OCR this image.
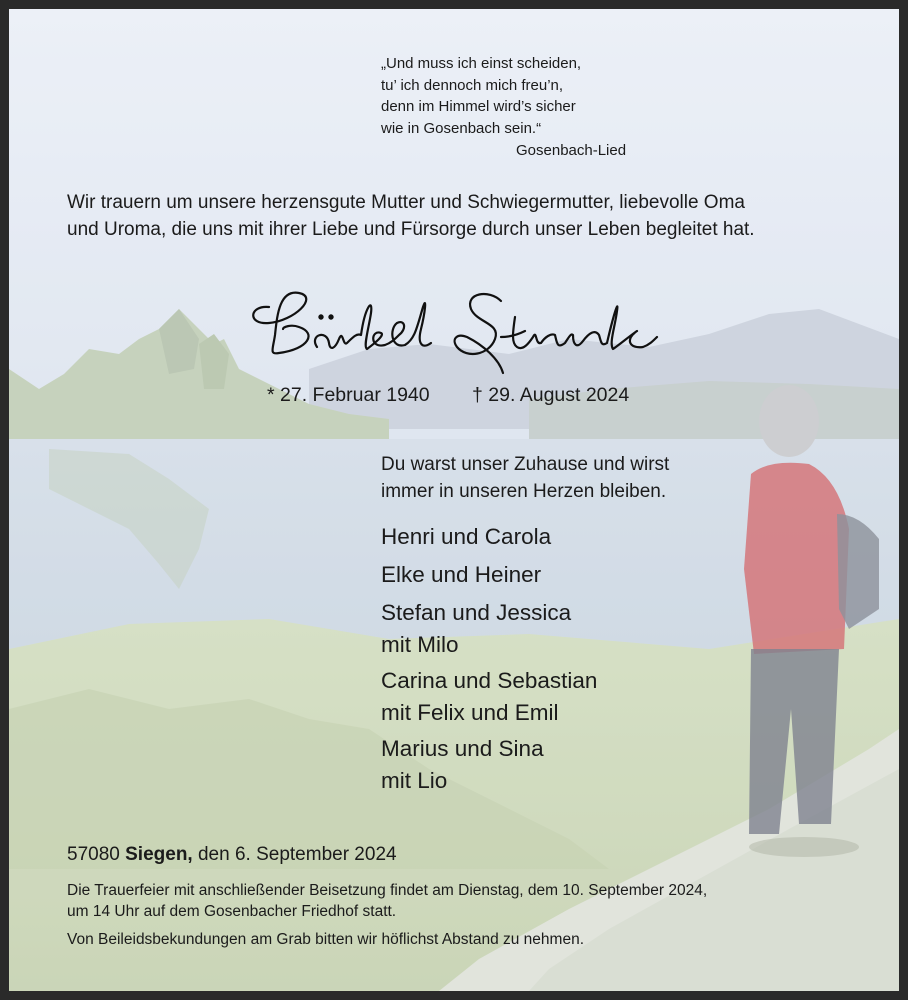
„Und muss ich einst scheiden,
tu’ ich dennoch mich freu’n,
denn im Himmel wird’s sicher
wie in Gosenbach sein.“
Gosenbach-Lied
Wir trauern um unsere herzensgute Mutter und Schwiegermutter, liebevolle Oma
und Uroma, die uns mit ihrer Liebe und Fürsorge durch unser Leben begleitet hat.
Bärbel Strunk
* 27. Februar 1940 † 29. August 2024
Du warst unser Zuhause und wirst
immer in unseren Herzen bleiben.
Henri und Carola
Elke und Heiner
Stefan und Jessica
mit Milo
Carina und Sebastian
mit Felix und Emil
Marius und Sina
mit Lio
57080 Siegen, den 6. September 2024
Die Trauerfeier mit anschließender Beisetzung findet am Dienstag, dem 10. September 2024,
um 14 Uhr auf dem Gosenbacher Friedhof statt.
Von Beileidsbekundungen am Grab bitten wir höflichst Abstand zu nehmen.
